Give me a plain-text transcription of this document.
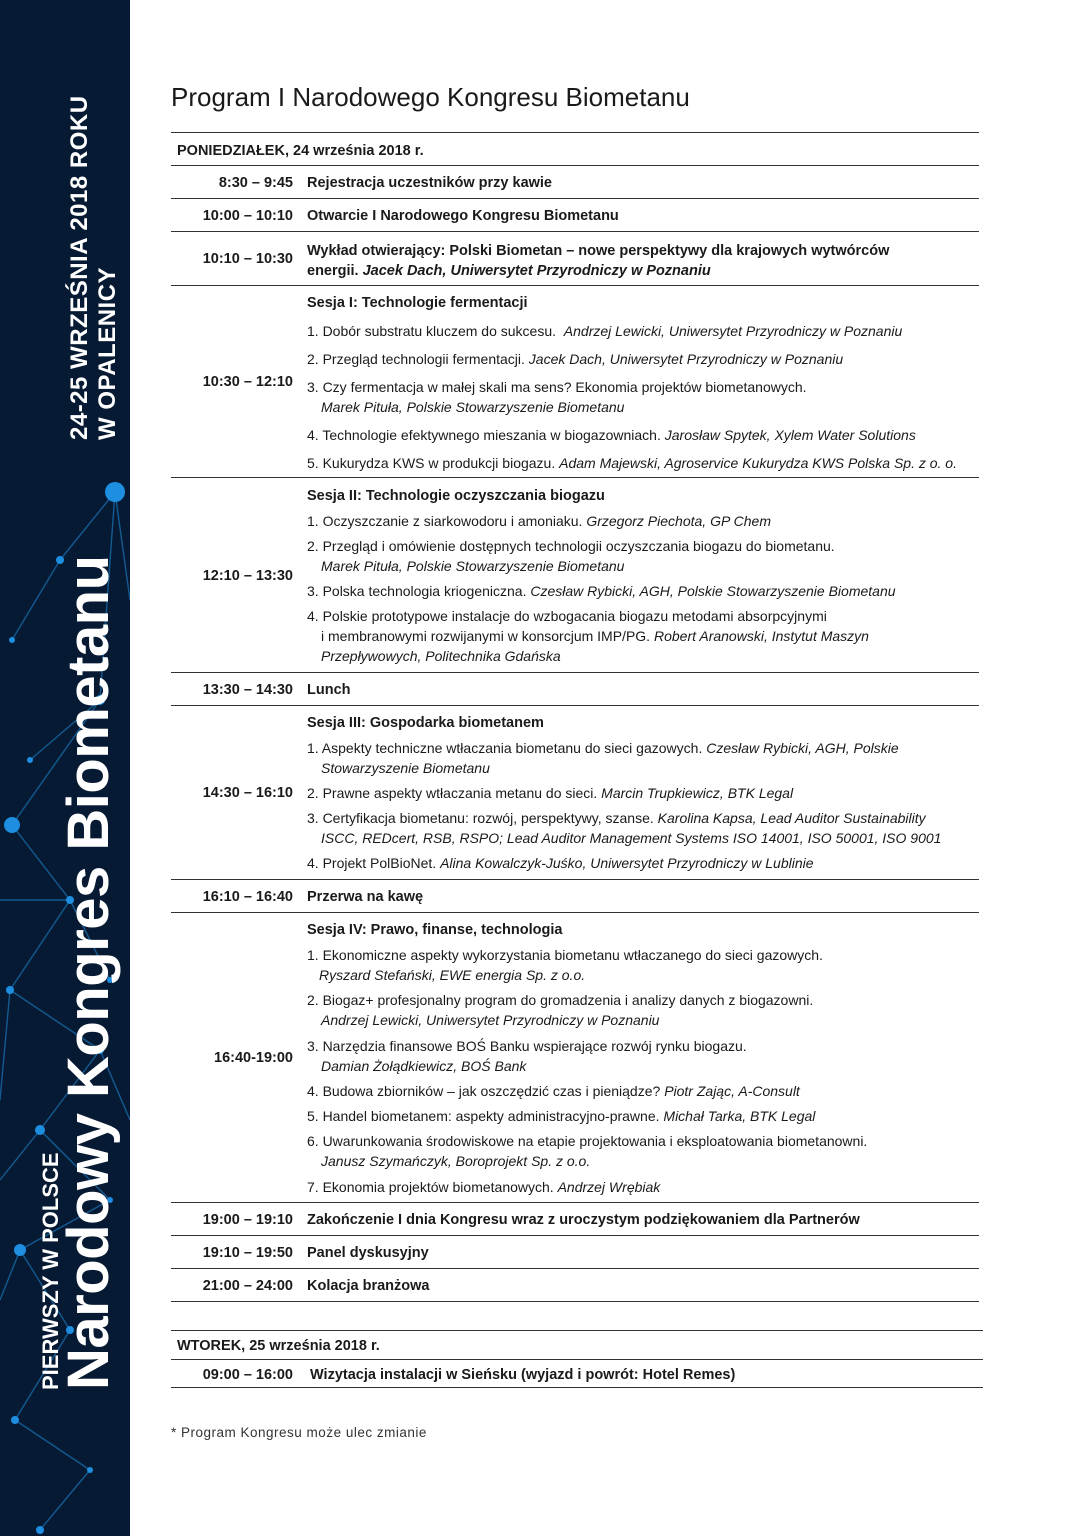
24-25 WRZEŚNIA 2018 ROKU W OPALENICY
PIERWSZY W POLSCE
Narodowy Kongres Biometanu
Program I Narodowego Kongresu Biometanu
PONIEDZIAŁEK, 24 września 2018 r.
8:30 – 9:45 Rejestracja uczestników przy kawie
10:00 – 10:10 Otwarcie I Narodowego Kongresu Biometanu
10:10 – 10:30 Wykład otwierający: Polski Biometan – nowe perspektywy dla krajowych wytwórców
energii. Jacek Dach, Uniwersytet Przyrodniczy w Poznaniu
10:30 – 12:10
Sesja I: Technologie fermentacji
1. Dobór substratu kluczem do sukcesu. Andrzej Lewicki, Uniwersytet Przyrodniczy w Poznaniu
2. Przegląd technologii fermentacji. Jacek Dach, Uniwersytet Przyrodniczy w Poznaniu
3. Czy fermentacja w małej skali ma sens? Ekonomia projektów biometanowych.
Marek Pituła, Polskie Stowarzyszenie Biometanu
4. Technologie efektywnego mieszania w biogazowniach. Jarosław Spytek, Xylem Water Solutions
5. Kukurydza KWS w produkcji biogazu. Adam Majewski, Agroservice Kukurydza KWS Polska Sp. z o. o.
12:10 – 13:30
Sesja II: Technologie oczyszczania biogazu
1. Oczyszczanie z siarkowodoru i amoniaku. Grzegorz Piechota, GP Chem
2. Przegląd i omówienie dostępnych technologii oczyszczania biogazu do biometanu.
Marek Pituła, Polskie Stowarzyszenie Biometanu
3. Polska technologia kriogeniczna. Czesław Rybicki, AGH, Polskie Stowarzyszenie Biometanu
4. Polskie prototypowe instalacje do wzbogacania biogazu metodami absorpcyjnymi
i membranowymi rozwijanymi w konsorcjum IMP/PG. Robert Aranowski, Instytut Maszyn
Przepływowych, Politechnika Gdańska
13:30 – 14:30 Lunch
14:30 – 16:10
Sesja III: Gospodarka biometanem
1. Aspekty techniczne wtłaczania biometanu do sieci gazowych. Czesław Rybicki, AGH, Polskie
Stowarzyszenie Biometanu
2. Prawne aspekty wtłaczania metanu do sieci. Marcin Trupkiewicz, BTK Legal
3. Certyfikacja biometanu: rozwój, perspektywy, szanse. Karolina Kapsa, Lead Auditor Sustainability
ISCC, REDcert, RSB, RSPO; Lead Auditor Management Systems ISO 14001, ISO 50001, ISO 9001
4. Projekt PolBioNet. Alina Kowalczyk-Juśko, Uniwersytet Przyrodniczy w Lublinie
16:10 – 16:40 Przerwa na kawę
16:40-19:00
Sesja IV: Prawo, finanse, technologia
1. Ekonomiczne aspekty wykorzystania biometanu wtłaczanego do sieci gazowych.
Ryszard Stefański, EWE energia Sp. z o.o.
2. Biogaz+ profesjonalny program do gromadzenia i analizy danych z biogazowni.
Andrzej Lewicki, Uniwersytet Przyrodniczy w Poznaniu
3. Narzędzia finansowe BOŚ Banku wspierające rozwój rynku biogazu.
Damian Żołądkiewicz, BOŚ Bank
4. Budowa zbiorników – jak oszczędzić czas i pieniądze? Piotr Zając, A-Consult
5. Handel biometanem: aspekty administracyjno-prawne. Michał Tarka, BTK Legal
6. Uwarunkowania środowiskowe na etapie projektowania i eksploatowania biometanowni.
Janusz Szymańczyk, Boroprojekt Sp. z o.o.
7. Ekonomia projektów biometanowych. Andrzej Wrębiak
19:00 – 19:10 Zakończenie I dnia Kongresu wraz z uroczystym podziękowaniem dla Partnerów
19:10 – 19:50 Panel dyskusyjny
21:00 – 24:00 Kolacja branżowa
WTOREK, 25 września 2018 r.
09:00 – 16:00 Wizytacja instalacji w Sieńsku (wyjazd i powrót: Hotel Remes)
* Program Kongresu może ulec zmianie
